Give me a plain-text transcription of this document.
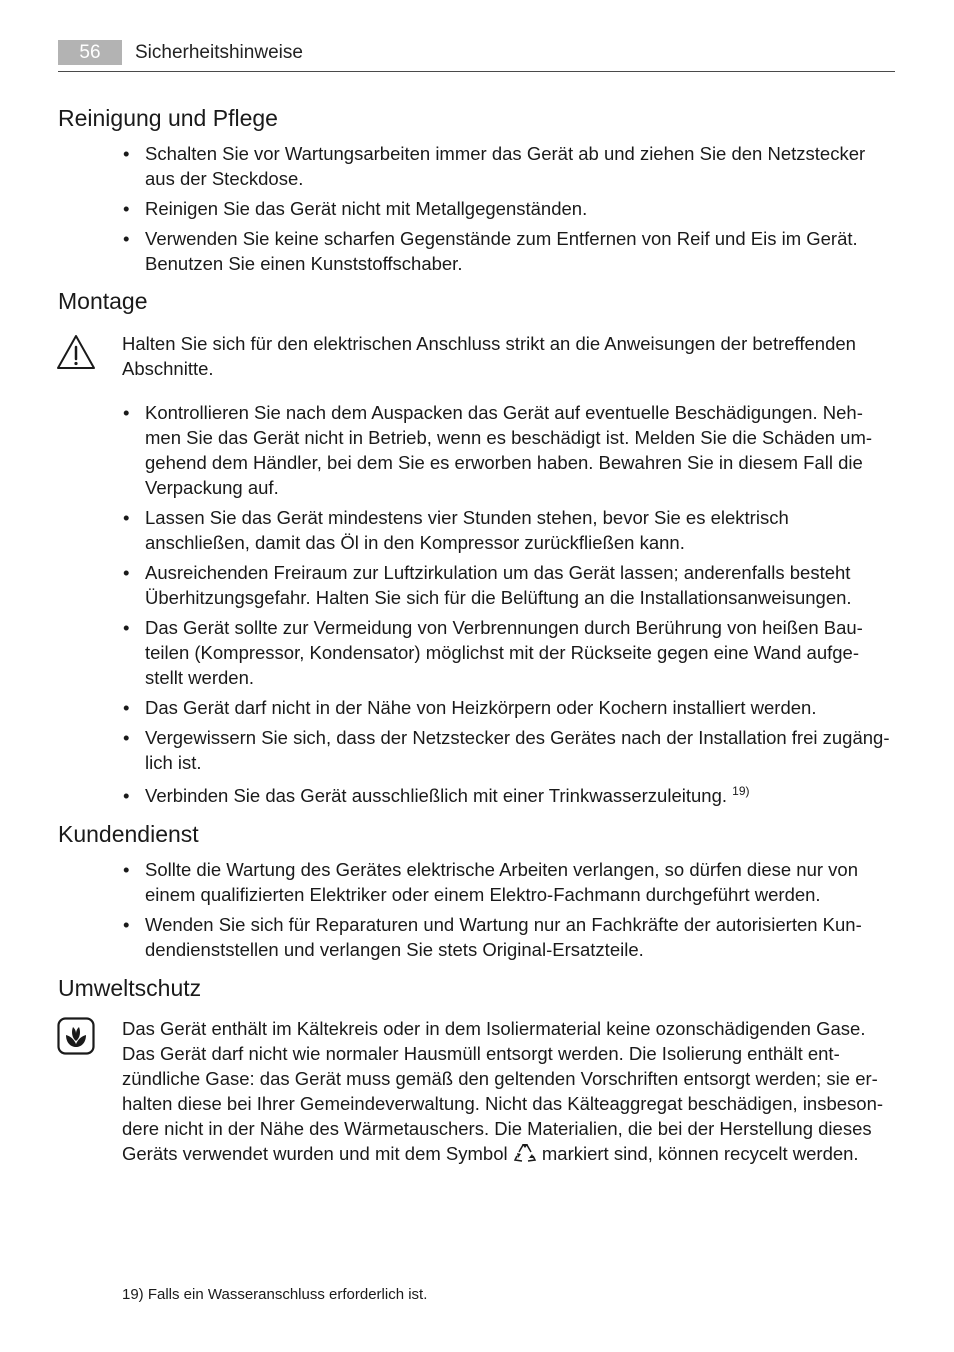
56	Sicherheitshinweise
Reinigung und Pflege
• Schalten Sie vor Wartungsarbeiten immer das Gerät ab und ziehen Sie den Netzstecker aus der Steckdose.
• Reinigen Sie das Gerät nicht mit Metallgegenständen.
• Verwenden Sie keine scharfen Gegenstände zum Entfernen von Reif und Eis im Gerät. Benutzen Sie einen Kunststoffschaber.
Montage

Halten Sie sich für den elektrischen Anschluss strikt an die Anweisungen der betreffenden Abschnitte.

• Kontrollieren Sie nach dem Auspacken das Gerät auf eventuelle Beschädigungen. Neh-men Sie das Gerät nicht in Betrieb, wenn es beschädigt ist. Melden Sie die Schäden um-gehend dem Händler, bei dem Sie es erworben haben. Bewahren Sie in diesem Fall die Verpackung auf.
• Lassen Sie das Gerät mindestens vier Stunden stehen, bevor Sie es elektrisch anschließen, damit das Öl in den Kompressor zurückfließen kann.
• Ausreichenden Freiraum zur Luftzirkulation um das Gerät lassen; anderenfalls besteht Überhitzungsgefahr. Halten Sie sich für die Belüftung an die Installationsanweisungen.
• Das Gerät sollte zur Vermeidung von Verbrennungen durch Berührung von heißen Bau-teilen (Kompressor, Kondensator) möglichst mit der Rückseite gegen eine Wand aufge-stellt werden.
• Das Gerät darf nicht in der Nähe von Heizkörpern oder Kochern installiert werden.
• Vergewissern Sie sich, dass der Netzstecker des Gerätes nach der Installation frei zugäng-lich ist.
• Verbinden Sie das Gerät ausschließlich mit einer Trinkwasserzuleitung. $^{19)}$
Kundendienst
• Sollte die Wartung des Gerätes elektrische Arbeiten verlangen, so dürfen diese nur von einem qualifizierten Elektriker oder einem Elektro-Fachmann durchgeführt werden.
• Wenden Sie sich für Reparaturen und Wartung nur an Fachkräfte der autorisierten Kun-dendienststellen und verlangen Sie stets Original-Ersatzteile.
Umweltschutz

Das Gerät enthält im Kältekreis oder in dem Isoliermaterial keine ozonschädigenden Gase. Das Gerät darf nicht wie normaler Hausmüll entsorgt werden. Die Isolierung enthält ent-zündliche Gase: das Gerät muss gemäß den geltenden Vorschriften entsorgt werden; sie er-halten diese bei Ihrer Gemeindeverwaltung. Nicht das Kälteaggregat beschädigen, insbeson-dere nicht in der Nähe des Wärmetauschers. Die Materialien, die bei der Herstellung dieses Geräts verwendet wurden und mit dem Symbol markiert sind, können recycelt werden.

19) Falls ein Wasseranschluss erforderlich ist.
